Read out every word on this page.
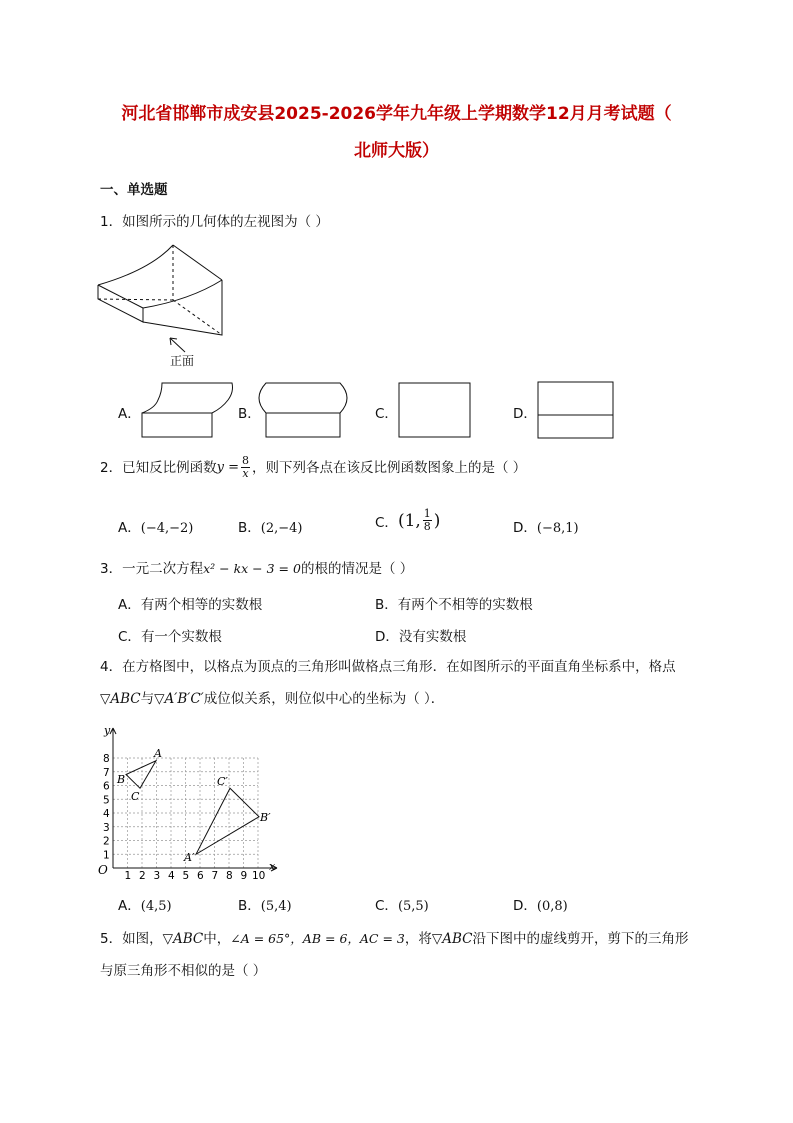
河北省邯郸市成安县2025-2026学年九年级上学期数学12月月考试题（
北师大版）
一、单选题
1．如图所示的几何体的左视图为（ ）
正面
A．	B．	C．	D．
2．已知反比例函数 $y = \frac{8}{x}$ ，则下列各点在该反比例函数图象上的是（ ）
A．(−4,−2)	B．(2,−4)	C． (1, $\frac{1}{8}$ )	D．(−8,1)
3．一元二次方程x² − kx − 3 = 0的根的情况是（ ）
A．有两个相等的实数根	B．有两个不相等的实数根
C．有一个实数根	D．没有实数根
4．在方格图中，以格点为顶点的三角形叫做格点三角形．在如图所示的平面直角坐标系中，格点
▽ABC与▽A′B′C′成位似关系，则位似中心的坐标为（ ）．
y
x
O 1 2 3 4 5 6 7 8 9 10
1
2
3
4
5
6
7
8	A
B
C
A′
B′
C′
A．(4,5)	B．(5,4)	C．(5,5)	D．(0,8)
5．如图，▽ABC中，∠A = 65°，AB = 6，AC = 3，将▽ABC沿下图中的虚线剪开，剪下的三角形
与原三角形不相似的是（ ）
